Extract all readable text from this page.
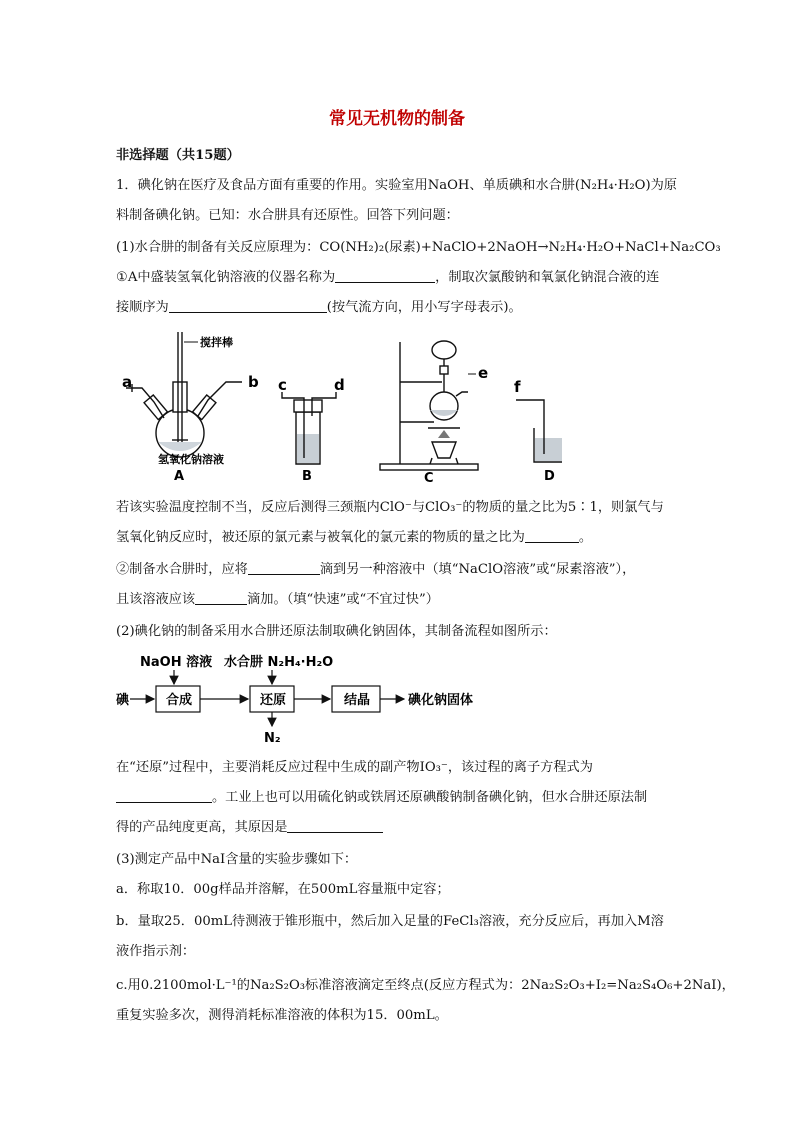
常见无机物的制备
非选择题（共15题）
1．碘化钠在医疗及食品方面有重要的作用。实验室用NaOH、单质碘和水合肼(N₂H₄·H₂O)为原
料制备碘化钠。已知：水合肼具有还原性。回答下列问题：
(1)水合肼的制备有关反应原理为：CO(NH₂)₂(尿素)+NaClO+2NaOH→N₂H₄·H₂O+NaCl+Na₂CO₃
①A中盛装氢氧化钠溶液的仪器名称为	，制取次氯酸钠和氧氯化钠混合液的连
接顺序为	(按气流方向，用小写字母表示)。
a	b
搅拌棒
氢氧化钠溶液
A
c	d
B
e
C
f
D
若该实验温度控制不当，反应后测得三颈瓶内ClO⁻与ClO₃⁻的物质的量之比为5∶1，则氯气与
氢氧化钠反应时，被还原的氯元素与被氧化的氯元素的物质的量之比为	。
②制备水合肼时，应将	滴到另一种溶液中（填“NaClO溶液”或“尿素溶液”），
且该溶液应该	滴加。（填“快速”或“不宜过快”）
(2)碘化钠的制备采用水合肼还原法制取碘化钠固体，其制备流程如图所示：
NaOH 溶液 水合肼 N₂H₄·H₂O
碘	合成	还原
N₂
结晶	碘化钠固体
在“还原”过程中，主要消耗反应过程中生成的副产物IO₃⁻，该过程的离子方程式为
。工业上也可以用硫化钠或铁屑还原碘酸钠制备碘化钠，但水合肼还原法制
得的产品纯度更高，其原因是
(3)测定产品中NaI含量的实验步骤如下：
a．称取10．00g样品并溶解，在500mL容量瓶中定容；
b．量取25．00mL待测液于锥形瓶中，然后加入足量的FeCl₃溶液，充分反应后，再加入M溶
液作指示剂：
c.用0.2100mol·L⁻¹的Na₂S₂O₃标准溶液滴定至终点(反应方程式为：2Na₂S₂O₃+I₂=Na₂S₄O₆+2NaI)，
重复实验多次，测得消耗标准溶液的体积为15．00mL。
